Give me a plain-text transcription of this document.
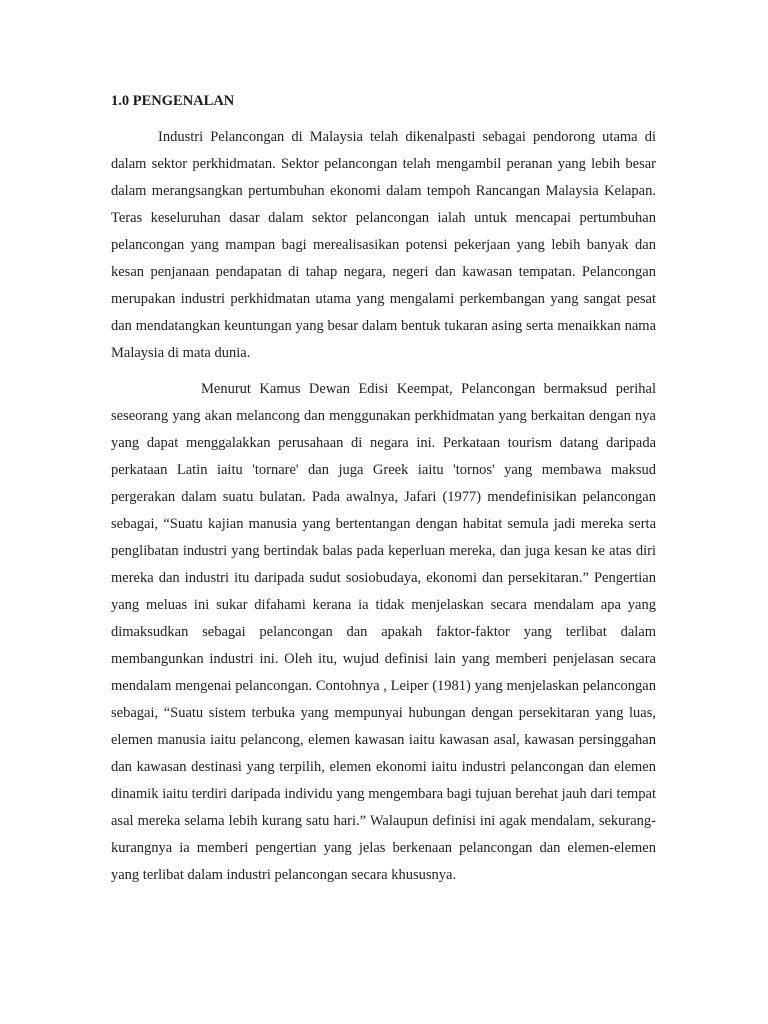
1.0 PENGENALAN

Industri Pelancongan di Malaysia telah dikenalpasti sebagai pendorong utama di dalam sektor perkhidmatan. Sektor pelancongan telah mengambil peranan yang lebih besar dalam merangsangkan pertumbuhan ekonomi dalam tempoh Rancangan Malaysia Kelapan. Teras keseluruhan dasar dalam sektor pelancongan ialah untuk mencapai pertumbuhan pelancongan yang mampan bagi merealisasikan potensi pekerjaan yang lebih banyak dan kesan penjanaan pendapatan di tahap negara, negeri dan kawasan tempatan. Pelancongan merupakan industri perkhidmatan utama yang mengalami perkembangan yang sangat pesat dan mendatangkan keuntungan yang besar dalam bentuk tukaran asing serta menaikkan nama Malaysia di mata dunia.

Menurut Kamus Dewan Edisi Keempat, Pelancongan bermaksud perihal seseorang yang akan melancong dan menggunakan perkhidmatan yang berkaitan dengan nya yang dapat menggalakkan perusahaan di negara ini. Perkataan tourism datang daripada perkataan Latin iaitu 'tornare' dan juga Greek iaitu 'tornos' yang membawa maksud pergerakan dalam suatu bulatan. Pada awalnya, Jafari (1977) mendefinisikan pelancongan sebagai, “Suatu kajian manusia yang bertentangan dengan habitat semula jadi mereka serta penglibatan industri yang bertindak balas pada keperluan mereka, dan juga kesan ke atas diri mereka dan industri itu daripada sudut sosiobudaya, ekonomi dan persekitaran.” Pengertian yang meluas ini sukar difahami kerana ia tidak menjelaskan secara mendalam apa yang dimaksudkan sebagai pelancongan dan apakah faktor-faktor yang terlibat dalam membangunkan industri ini. Oleh itu, wujud definisi lain yang memberi penjelasan secara mendalam mengenai pelancongan. Contohnya , Leiper (1981) yang menjelaskan pelancongan sebagai, “Suatu sistem terbuka yang mempunyai hubungan dengan persekitaran yang luas, elemen manusia iaitu pelancong, elemen kawasan iaitu kawasan asal, kawasan persinggahan dan kawasan destinasi yang terpilih, elemen ekonomi iaitu industri pelancongan dan elemen dinamik iaitu terdiri daripada individu yang mengembara bagi tujuan berehat jauh dari tempat asal mereka selama lebih kurang satu hari.” Walaupun definisi ini agak mendalam, sekurang-kurangnya ia memberi pengertian yang jelas berkenaan pelancongan dan elemen-elemen yang terlibat dalam industri pelancongan secara khususnya.
